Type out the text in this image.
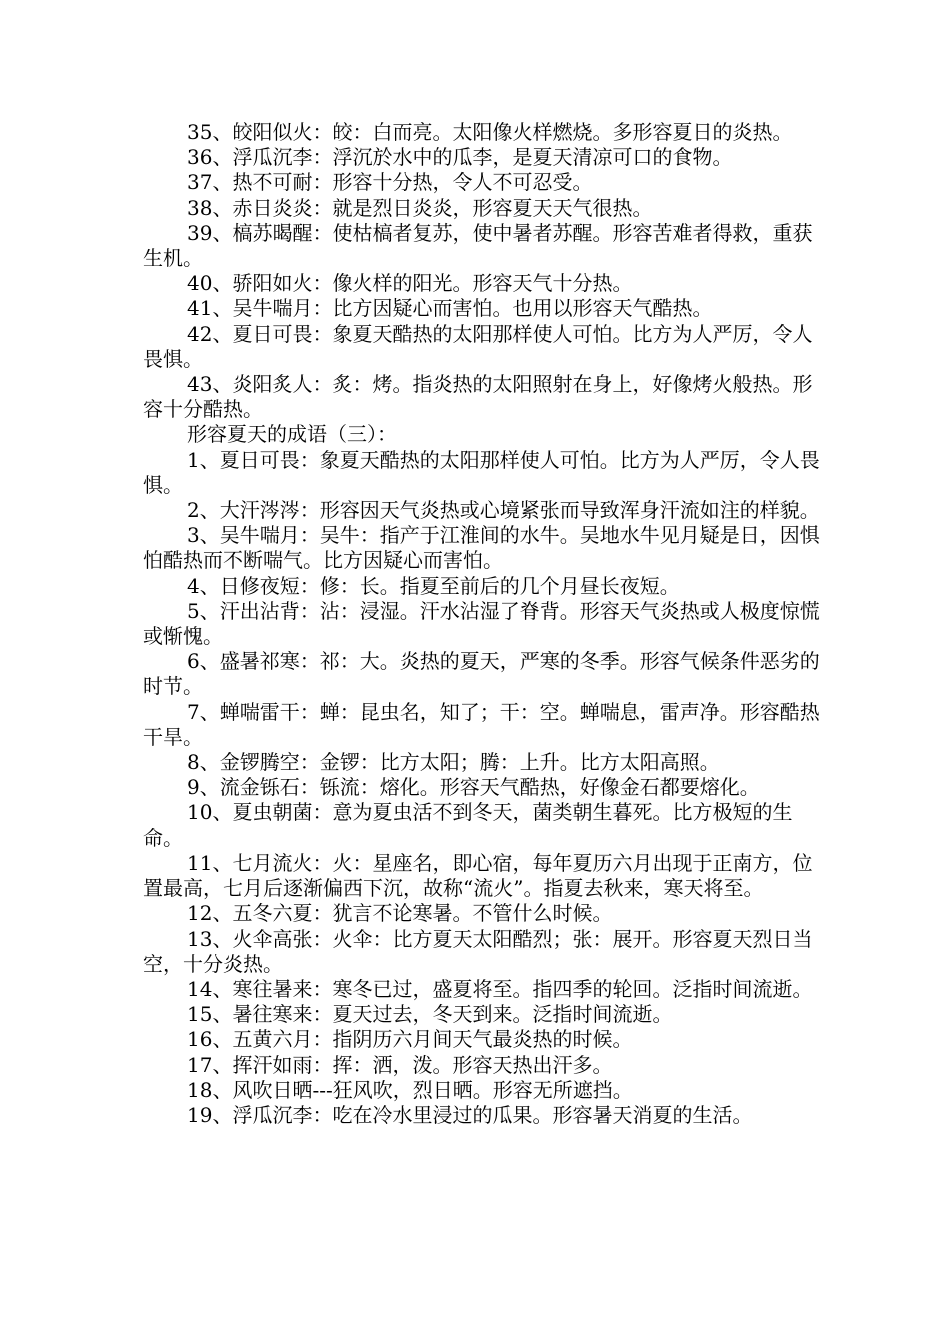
35、皎阳似火：皎：白而亮。太阳像火样燃烧。多形容夏日的炎热。

36、浮瓜沉李：浮沉於水中的瓜李，是夏天清凉可口的食物。

37、热不可耐：形容十分热，令人不可忍受。

38、赤日炎炎：就是烈日炎炎，形容夏天天气很热。

39、槁苏暍醒：使枯槁者复苏，使中暑者苏醒。形容苦难者得救，重获生机。

40、骄阳如火：像火样的阳光。形容天气十分热。

41、吴牛喘月：比方因疑心而害怕。也用以形容天气酷热。

42、夏日可畏：象夏天酷热的太阳那样使人可怕。比方为人严厉，令人畏惧。

43、炎阳炙人：炙：烤。指炎热的太阳照射在身上，好像烤火般热。形容十分酷热。

形容夏天的成语（三）：

1、夏日可畏：象夏天酷热的太阳那样使人可怕。比方为人严厉，令人畏惧。

2、大汗涔涔：形容因天气炎热或心境紧张而导致浑身汗流如注的样貌。

3、吴牛喘月：吴牛：指产于江淮间的水牛。吴地水牛见月疑是日，因惧怕酷热而不断喘气。比方因疑心而害怕。

4、日修夜短：修：长。指夏至前后的几个月昼长夜短。

5、汗出沾背：沾：浸湿。汗水沾湿了脊背。形容天气炎热或人极度惊慌或惭愧。

6、盛暑祁寒：祁：大。炎热的夏天，严寒的冬季。形容气候条件恶劣的时节。

7、蝉喘雷干：蝉：昆虫名，知了；干：空。蝉喘息，雷声净。形容酷热干旱。

8、金锣腾空：金锣：比方太阳；腾：上升。比方太阳高照。

9、流金铄石：铄流：熔化。形容天气酷热，好像金石都要熔化。

10、夏虫朝菌：意为夏虫活不到冬天，菌类朝生暮死。比方极短的生命。

11、七月流火：火：星座名，即心宿，每年夏历六月出现于正南方，位置最高，七月后逐渐偏西下沉，故称“流火”。指夏去秋来，寒天将至。

12、五冬六夏：犹言不论寒暑。不管什么时候。

13、火伞高张：火伞：比方夏天太阳酷烈；张：展开。形容夏天烈日当空，十分炎热。

14、寒往暑来：寒冬已过，盛夏将至。指四季的轮回。泛指时间流逝。

15、暑往寒来：夏天过去，冬天到来。泛指时间流逝。

16、五黄六月：指阴历六月间天气最炎热的时候。

17、挥汗如雨：挥：洒，泼。形容天热出汗多。

18、风吹日晒---狂风吹，烈日晒。形容无所遮挡。

19、浮瓜沉李：吃在冷水里浸过的瓜果。形容暑天消夏的生活。
